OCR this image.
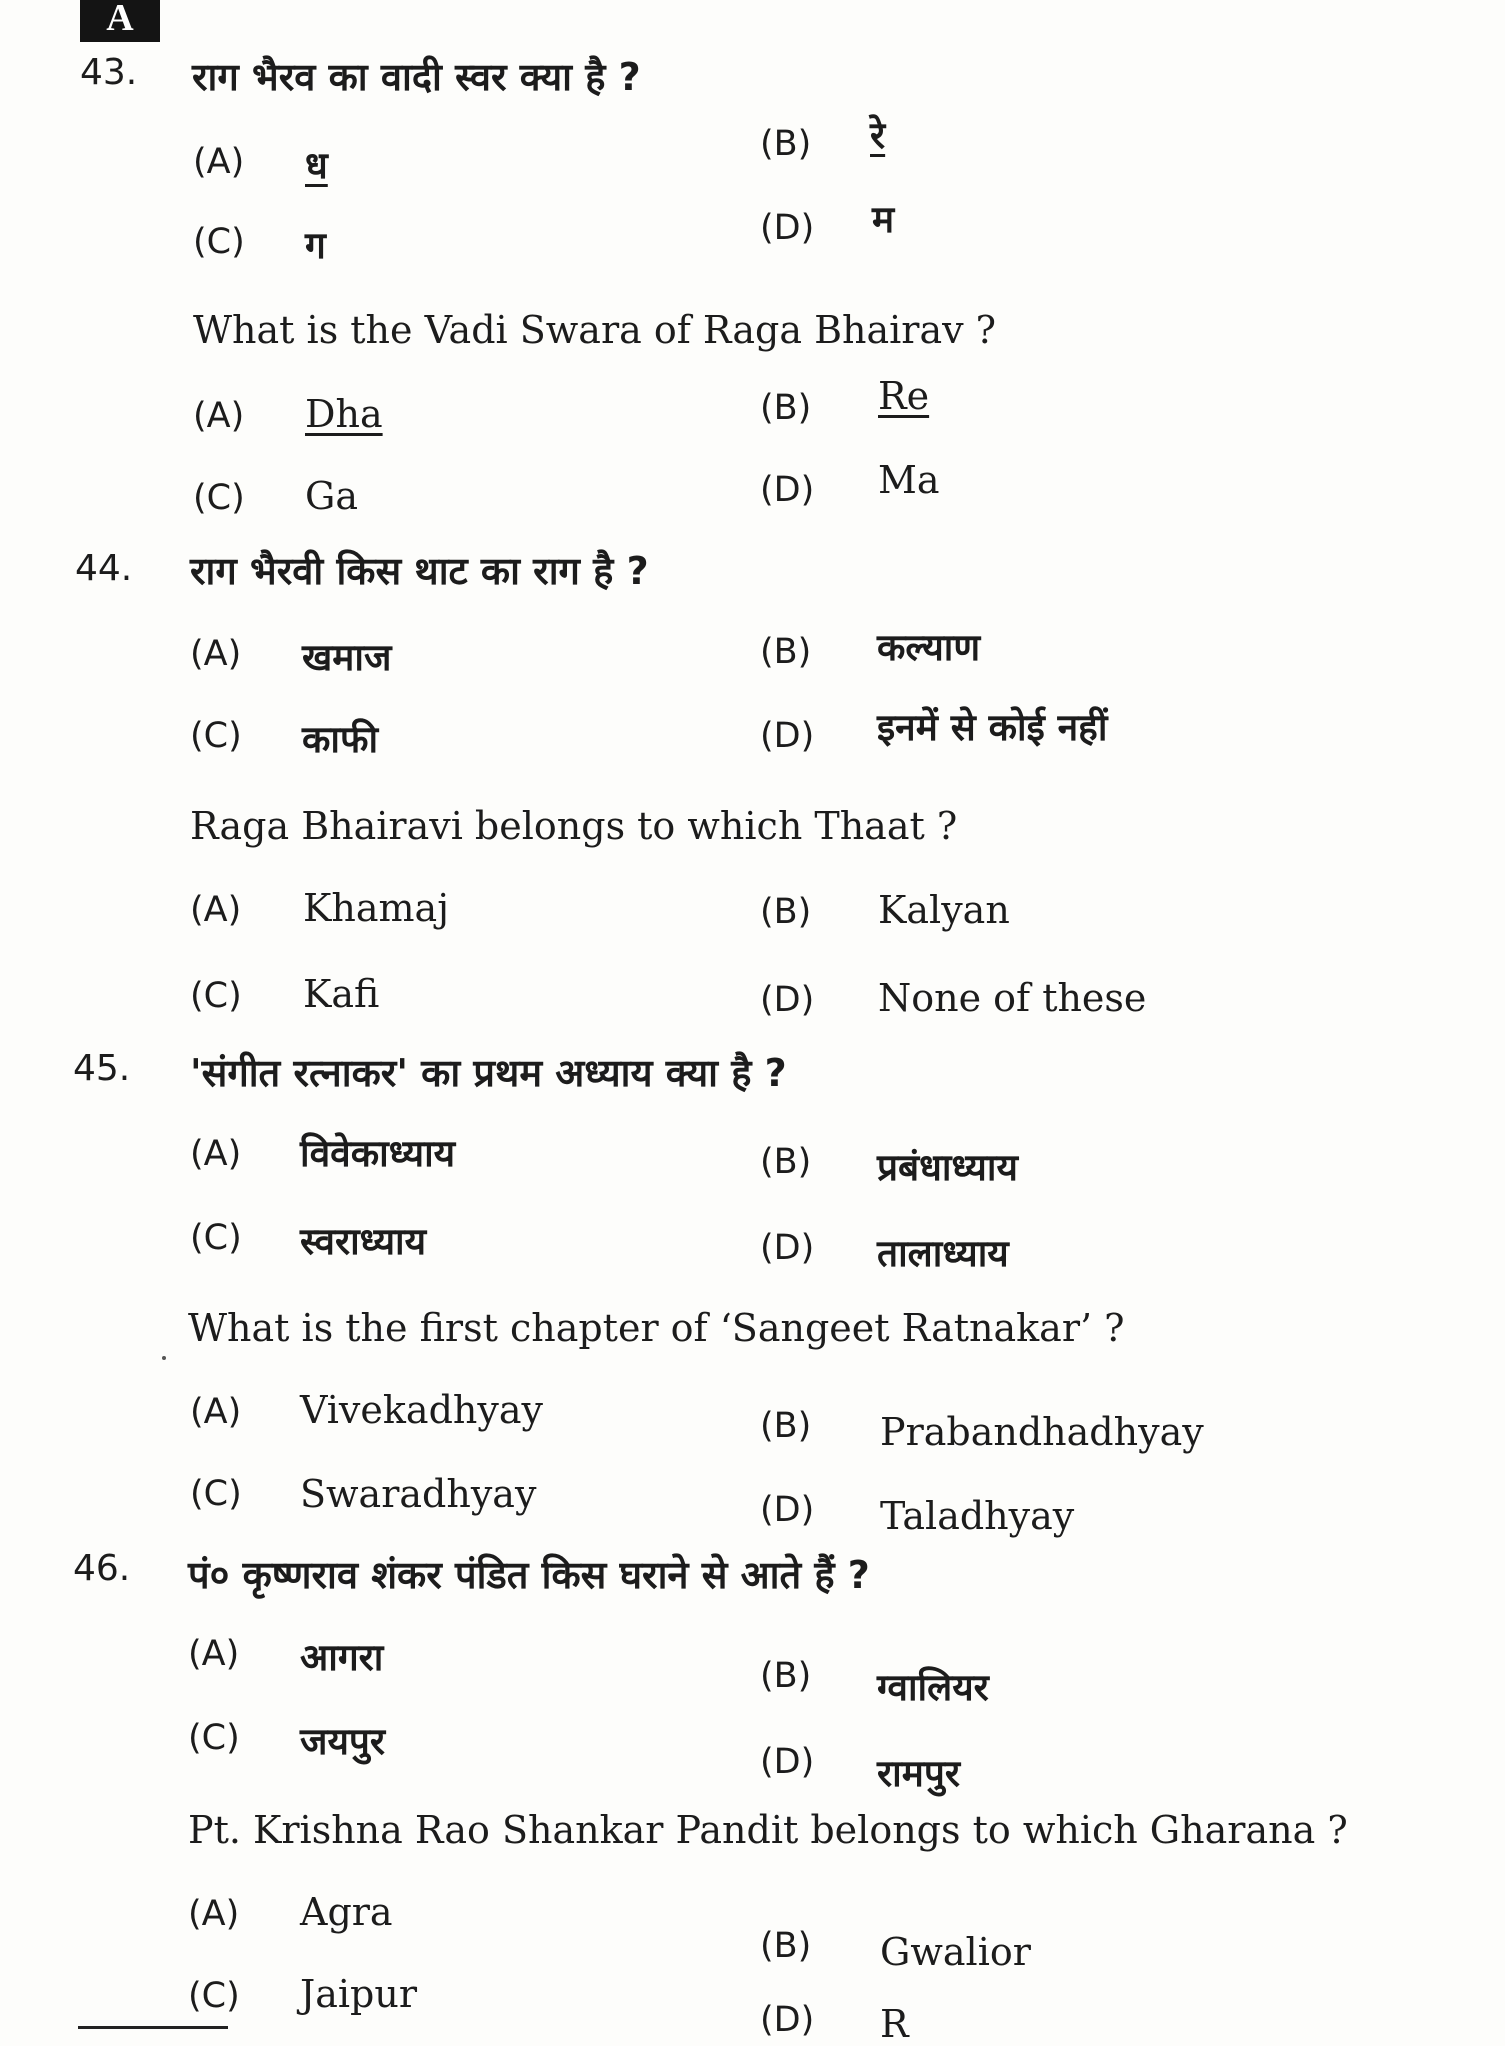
A
43. राग भैरव का वादी स्वर क्या है ?
(A) ध	(B) रे
(C) ग	(D) म
What is the Vadi Swara of Raga Bhairav ?
(A) Dha	(B) Re
(C) Ga	(D) Ma
44. राग भैरवी किस थाट का राग है ?
(A) खमाज	(B) कल्याण
(C) काफी	(D) इनमें से कोई नहीं
Raga Bhairavi belongs to which Thaat ?
(A) Khamaj	(B) Kalyan
(C) Kafi	(D) None of these
45. 'संगीत रत्नाकर' का प्रथम अध्याय क्या है ?
(A) विवेकाध्याय	(B) प्रबंधाध्याय
(C) स्वराध्याय	(D) तालाध्याय
What is the first chapter of ‘Sangeet Ratnakar’ ?
(A) Vivekadhyay	(B) Prabandhadhyay
(C) Swaradhyay	(D) Taladhyay
46. पं० कृष्णराव शंकर पंडित किस घराने से आते हैं ?
(A) आगरा	(B) ग्वालियर
(C) जयपुर	(D) रामपुर
Pt. Krishna Rao Shankar Pandit belongs to which Gharana ?
(A) Agra
(B) Gwalior
(C) Jaipur
(D) R
